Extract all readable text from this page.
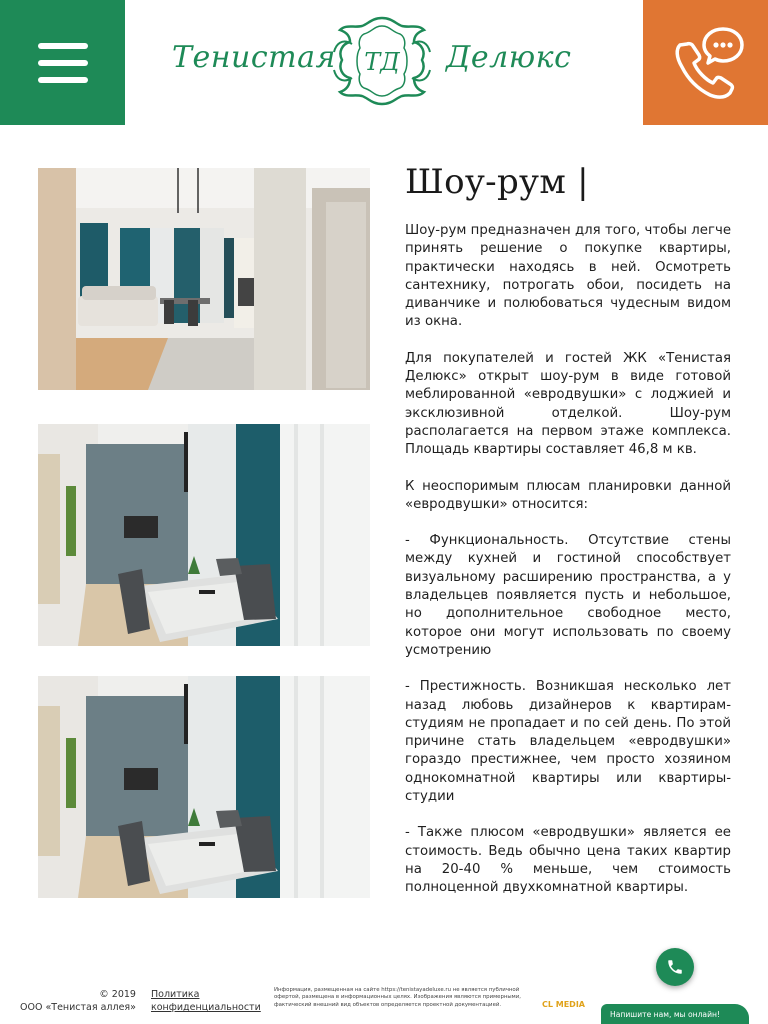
Тенистая ТД Делюкс
Шоу-рум |

Шоу-рум предназначен для того, чтобы легче принять решение о покупке квартиры, практически находясь в ней. Осмотреть сантехнику, потрогать обои, посидеть на диванчике и полюбоваться чудесным видом из окна.

Для покупателей и гостей ЖК «Тенистая Делюкс» открыт шоу-рум в виде готовой меблированной «евродвушки» с лоджией и эксклюзивной отделкой. Шоу-рум располагается на первом этаже комплекса. Площадь квартиры составляет 46,8 м кв.

К неоспоримым плюсам планировки данной «евродвушки» относится:

- Функциональность. Отсутствие стены между кухней и гостиной способствует визуальному расширению пространства, а у владельцев появляется пусть и небольшое, но дополнительное свободное место, которое они могут использовать по своему усмотрению

- Престижность. Возникшая несколько лет назад любовь дизайнеров к квартирам-студиям не пропадает и по сей день. По этой причине стать владельцем «евродвушки» гораздо престижнее, чем просто хозяином однокомнатной квартиры или квартиры-студии

- Также плюсом «евродвушки» является ее стоимость. Ведь обычно цена таких квартир на 20-40 % меньше, чем стоимость полноценной двухкомнатной квартиры.

© 2019
ООО «Тенистая аллея»
Политика
конфиденциальности
Информация, размещенная на сайте https://tenistayadeluxe.ru не является публичной офертой, размещена в информационных целях. Изображения являются примерными, фактический внешний вид объектов определяется проектной документацией.	CL MEDIA
Напишите нам, мы онлайн!
